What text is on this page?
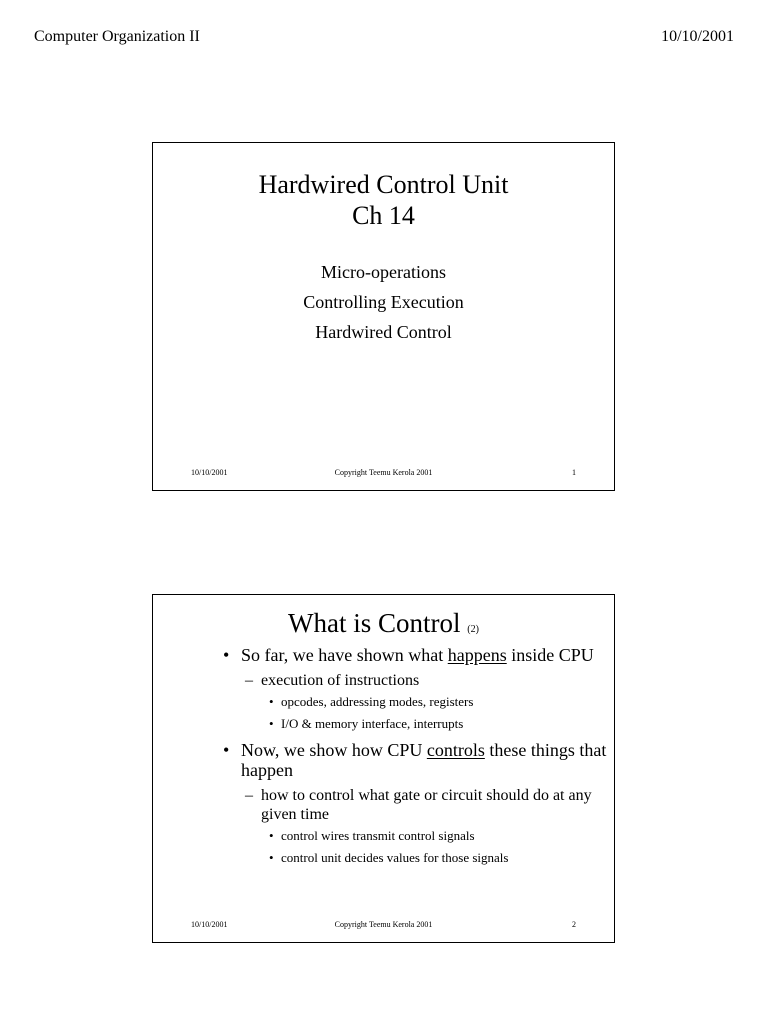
Computer Organization II	10/10/2001
Hardwired Control Unit
Ch 14
Micro-operations
Controlling Execution
Hardwired Control
10/10/2001	Copyright Teemu Kerola 2001	1
What is Control (2)
• So far, we have shown what happens inside CPU
– execution of instructions
• opcodes, addressing modes, registers
• I/O & memory interface, interrupts
• Now, we show how CPU controls these things that happen
– how to control what gate or circuit should do at any given time
• control wires transmit control signals
• control unit decides values for those signals
10/10/2001	Copyright Teemu Kerola 2001	2
